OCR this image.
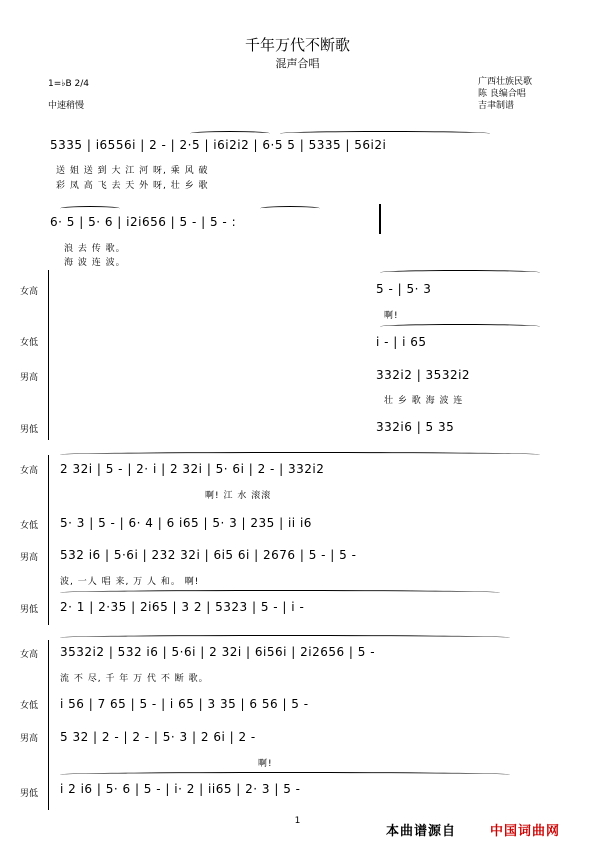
千年万代不断歌
混声合唱
1=♭B 2/4
中速稍慢
广西壮族民歌
陈 良编合唱
吉聿制谱
5335 | i6556i | 2 - | 2·5 | i6i2i2 | 6·5 5 | 5335 | 56i2i
送 姐 送 到 大 江 河 呀, 乘 风 破
彩 凤 高 飞 去 天 外 呀, 壮 乡 歌
6· 5 | 5· 6 | i2i656 | 5 - | 5 - :
浪 去 传 歌。
海 波 连 波。
女高
女低
男高
男低
5 - | 5· 3
啊!
i - | i 65
332i2 | 3532i2
壮 乡 歌 海 波 连
332i6 | 5 35
女高
女低
男高
男低
2 32i | 5 - | 2· i | 2 32i | 5· 6i | 2 - | 332i2
啊! 江 水 滚滚
5· 3 | 5 - | 6· 4 | 6 i65 | 5· 3 | 235 | ii i6
532 i6 | 5·6i | 232 32i | 6i5 6i | 2676 | 5 - | 5 -
波, 一人 唱 来, 万 人 和。 啊!
2· 1 | 2·35 | 2i65 | 3 2 | 5323 | 5 - | i -
女高
女低
男高
男低
3532i2 | 532 i6 | 5·6i | 2 32i | 6i56i | 2i2656 | 5 -
流 不 尽, 千 年 万 代 不 断 歌。
i 56 | 7 65 | 5 - | i 65 | 3 35 | 6 56 | 5 -
5 32 | 2 - | 2 - | 5· 3 | 2 6i | 2 -
啊!
i 2 i6 | 5· 6 | 5 - | i· 2 | ii65 | 2· 3 | 5 -
1
本曲谱源自	中国词曲网
